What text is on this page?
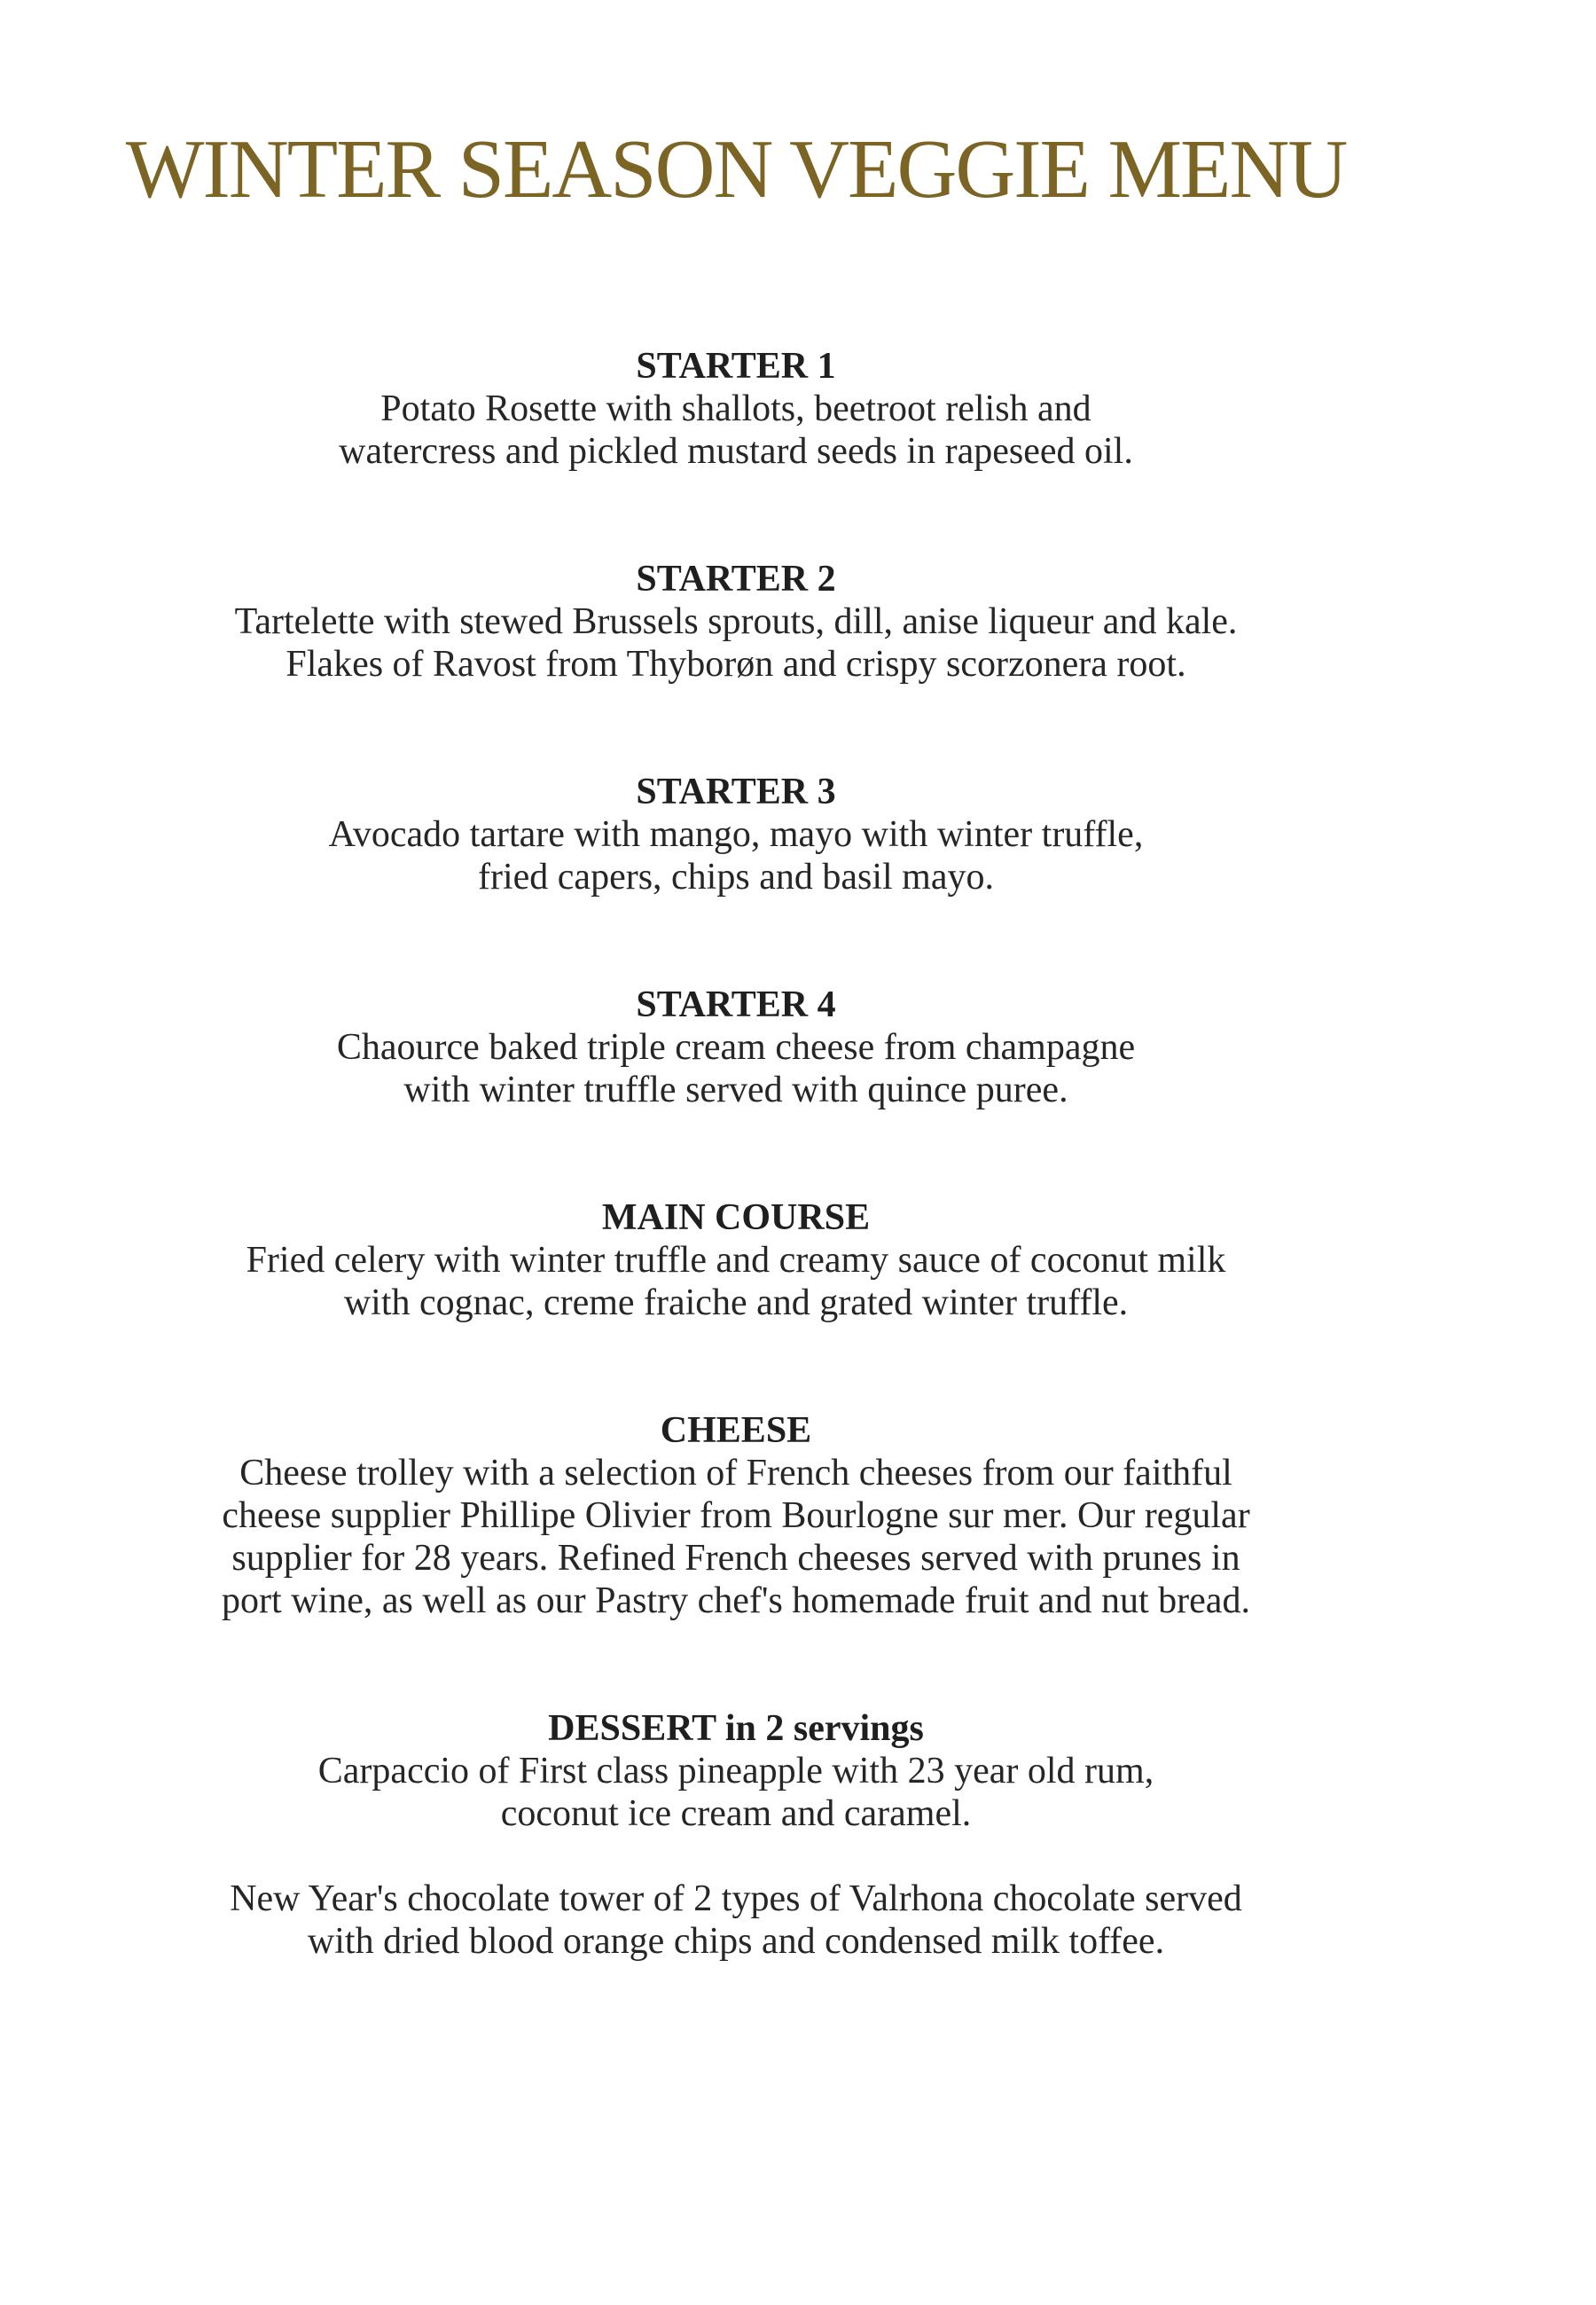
WINTER SEASON VEGGIE MENU
STARTER 1

Potato Rosette with shallots, beetroot relish and

watercress and pickled mustard seeds in rapeseed oil.

STARTER 2

Tartelette with stewed Brussels sprouts, dill, anise liqueur and kale.

Flakes of Ravost from Thyborøn and crispy scorzonera root.

STARTER 3

Avocado tartare with mango, mayo with winter truffle,

fried capers, chips and basil mayo.

STARTER 4

Chaource baked triple cream cheese from champagne

with winter truffle served with quince puree.

MAIN COURSE

Fried celery with winter truffle and creamy sauce of coconut milk

with cognac, creme fraiche and grated winter truffle.

CHEESE

Cheese trolley with a selection of French cheeses from our faithful

cheese supplier Phillipe Olivier from Bourlogne sur mer. Our regular

supplier for 28 years. Refined French cheeses served with prunes in

port wine, as well as our Pastry chef's homemade fruit and nut bread.

DESSERT in 2 servings

Carpaccio of First class pineapple with 23 year old rum,

coconut ice cream and caramel.

New Year's chocolate tower of 2 types of Valrhona chocolate served

with dried blood orange chips and condensed milk toffee.
